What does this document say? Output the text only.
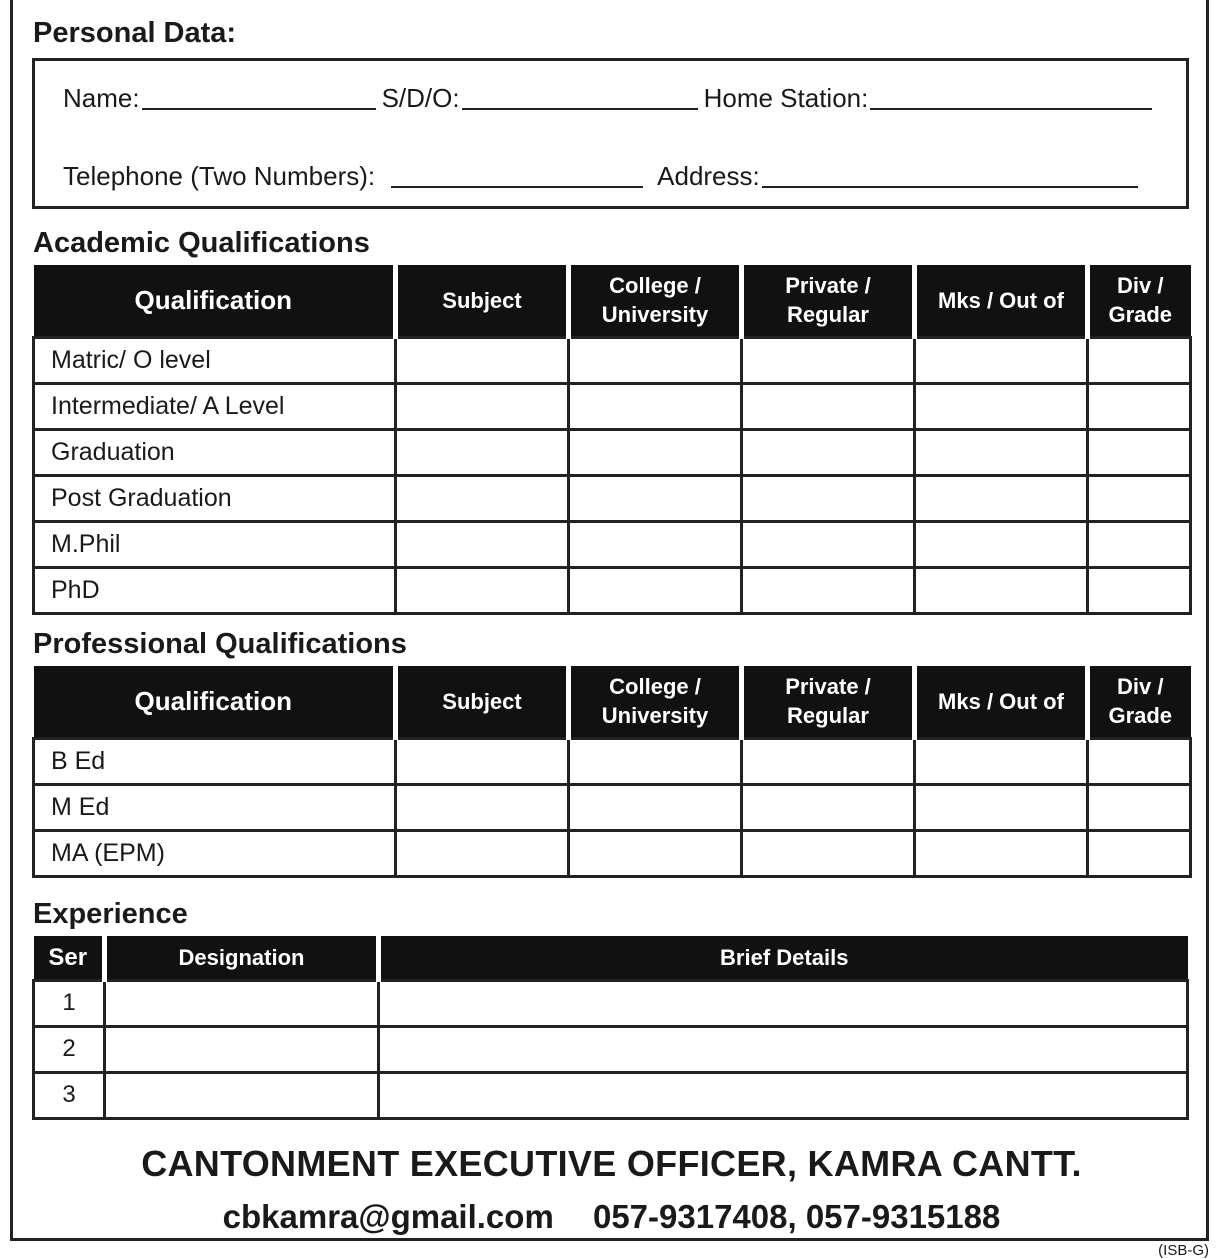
Personal Data:
Name:	S/D/O:	Home Station:
Telephone (Two Numbers):	Address:
Academic Qualifications
Qualification	Subject	College / University	Private / Regular	Mks / Out of	Div / Grade
Matric/ O level					
Intermediate/ A Level					
Graduation					
Post Graduation					
M.Phil					
PhD					
Professional Qualifications
Qualification	Subject	College / University	Private / Regular	Mks / Out of	Div / Grade
B Ed					
M Ed					
MA (EPM)					
Experience
Ser	Designation	Brief Details
1		
2		
3		
CANTONMENT EXECUTIVE OFFICER, KAMRA CANTT.
cbkamra@gmail.com 057-9317408, 057-9315188
(ISB-G)
